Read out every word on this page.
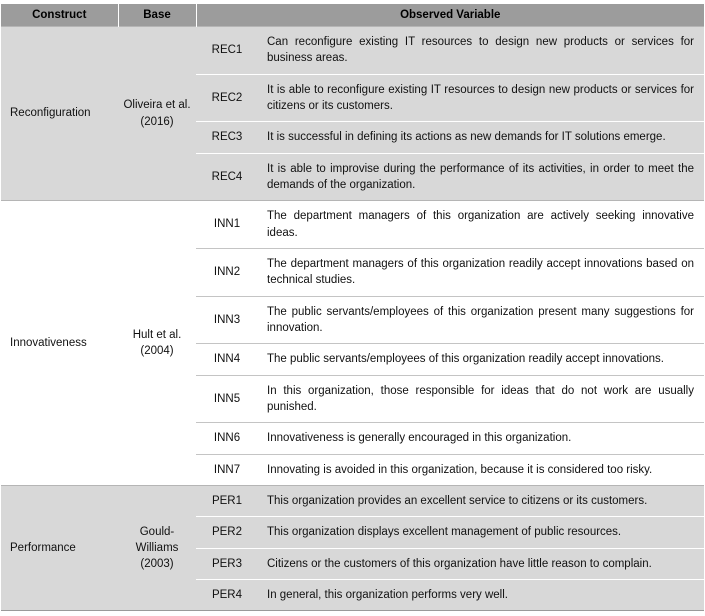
Construct	Base	Observed Variable	
Reconfiguration	Oliveira et al. (2016)	REC1	Can reconfigure existing IT resources to design new products or services for business areas.
		REC2	It is able to reconfigure existing IT resources to design new products or services for citizens or its customers.
		REC3	It is successful in defining its actions as new demands for IT solutions emerge.
		REC4	It is able to improvise during the performance of its activities, in order to meet the demands of the organization.
Innovativeness	Hult et al. (2004)	INN1	The department managers of this organization are actively seeking innovative ideas.
		INN2	The department managers of this organization readily accept innovations based on technical studies.
		INN3	The public servants/employees of this organization present many suggestions for innovation.
		INN4	The public servants/employees of this organization readily accept innovations.
		INN5	In this organization, those responsible for ideas that do not work are usually punished.
		INN6	Innovativeness is generally encouraged in this organization.
		INN7	Innovating is avoided in this organization, because it is considered too risky.
Performance	Gould-Williams (2003)	PER1	This organization provides an excellent service to citizens or its customers.
		PER2	This organization displays excellent management of public resources.
		PER3	Citizens or the customers of this organization have little reason to complain.
		PER4	In general, this organization performs very well.
